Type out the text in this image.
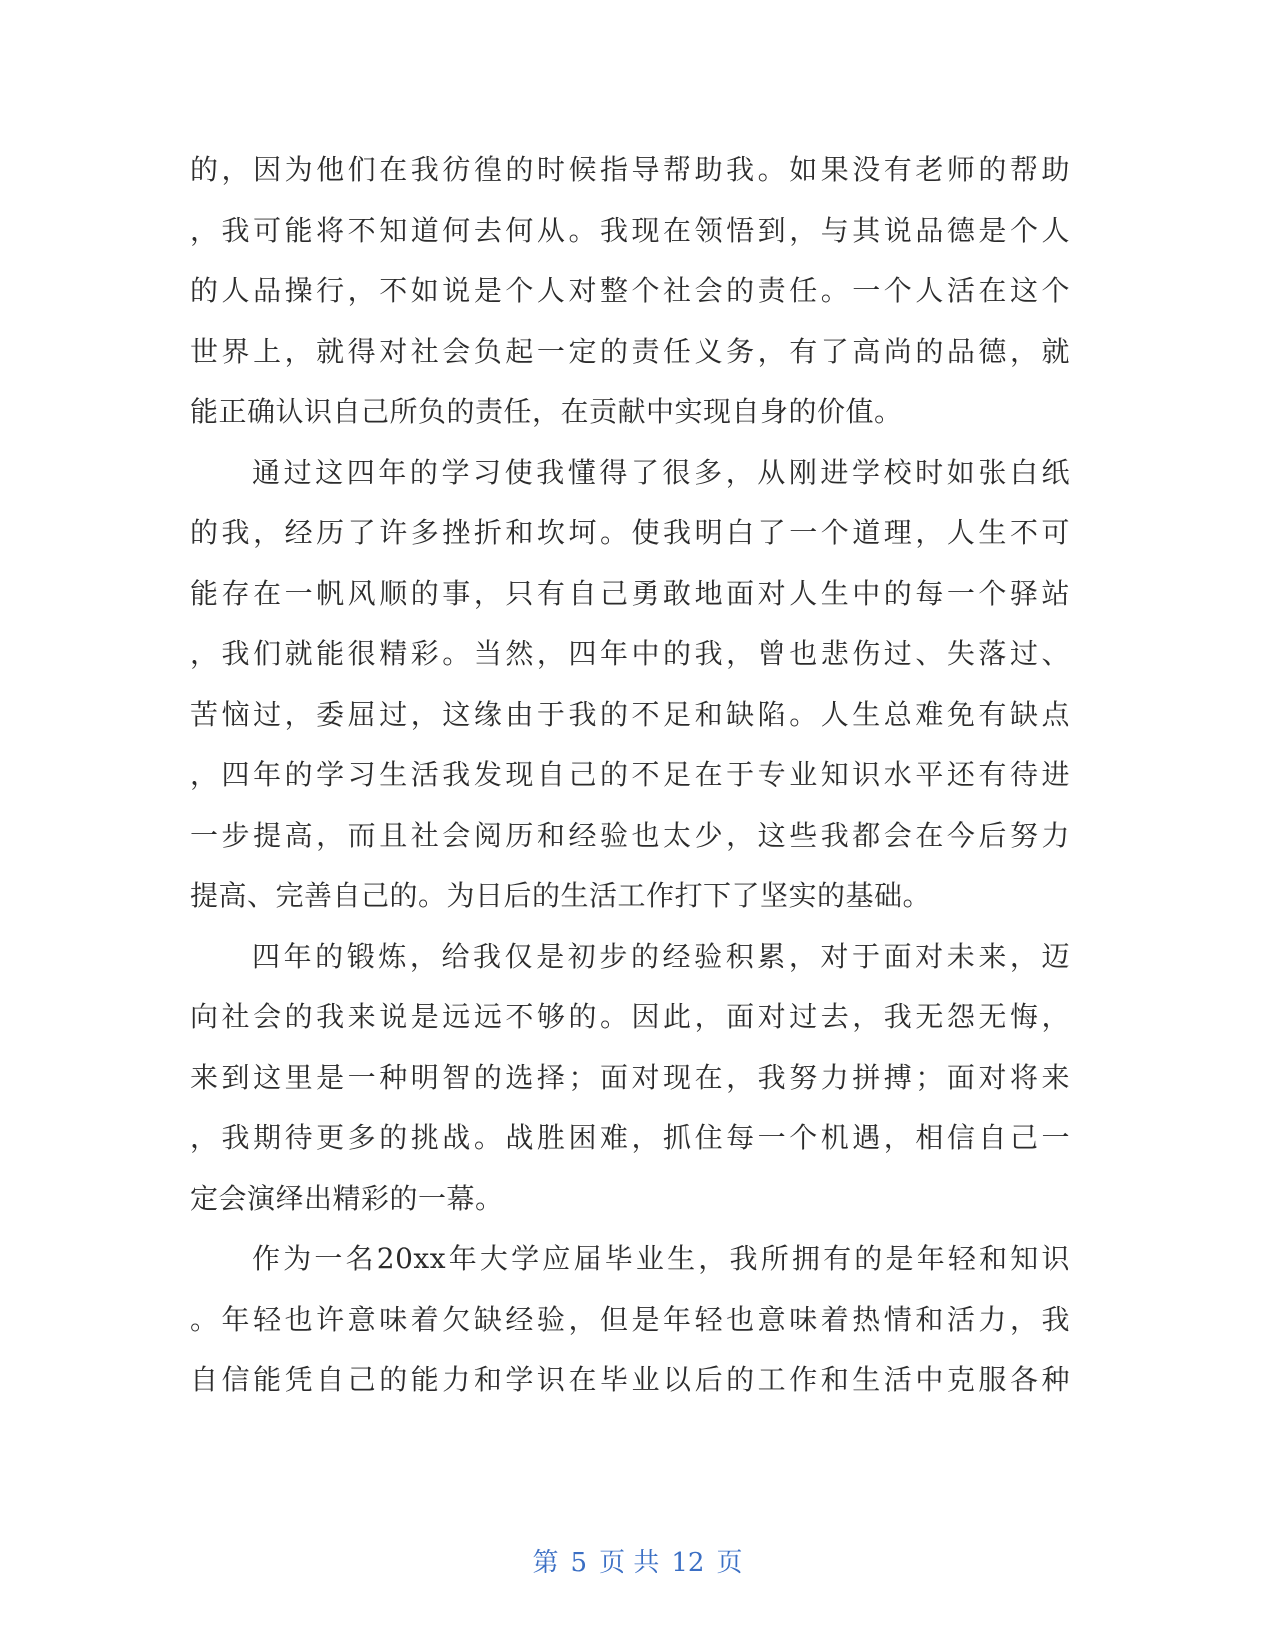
的，因为他们在我彷徨的时候指导帮助我。如果没有老师的帮助
，我可能将不知道何去何从。我现在领悟到，与其说品德是个人
的人品操行，不如说是个人对整个社会的责任。一个人活在这个
世界上，就得对社会负起一定的责任义务，有了高尚的品德，就
能正确认识自己所负的责任，在贡献中实现自身的价值。
通过这四年的学习使我懂得了很多，从刚进学校时如张白纸
的我，经历了许多挫折和坎坷。使我明白了一个道理，人生不可
能存在一帆风顺的事，只有自己勇敢地面对人生中的每一个驿站
，我们就能很精彩。当然，四年中的我，曾也悲伤过、失落过、
苦恼过，委屈过，这缘由于我的不足和缺陷。人生总难免有缺点
，四年的学习生活我发现自己的不足在于专业知识水平还有待进
一步提高，而且社会阅历和经验也太少，这些我都会在今后努力
提高、完善自己的。为日后的生活工作打下了坚实的基础。
四年的锻炼，给我仅是初步的经验积累，对于面对未来，迈
向社会的我来说是远远不够的。因此，面对过去，我无怨无悔，
来到这里是一种明智的选择；面对现在，我努力拼搏；面对将来
，我期待更多的挑战。战胜困难，抓住每一个机遇，相信自己一
定会演绎出精彩的一幕。
作为一名20xx年大学应届毕业生，我所拥有的是年轻和知识
。年轻也许意味着欠缺经验，但是年轻也意味着热情和活力，我
自信能凭自己的能力和学识在毕业以后的工作和生活中克服各种
第 5 页 共 12 页
